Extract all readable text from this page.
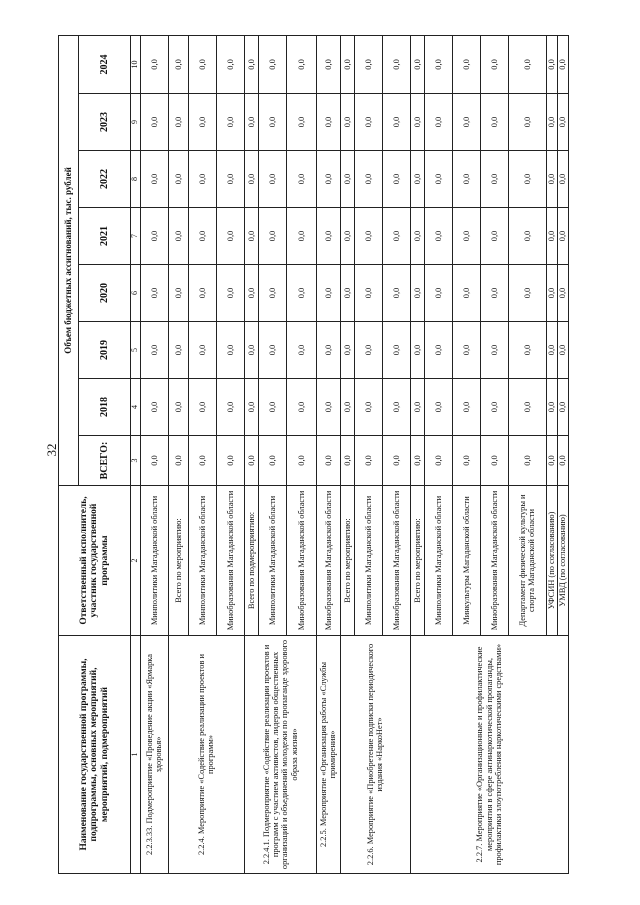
32
Наименование государственной программы, подпрограммы, основных мероприятий, мероприятий, подмероприятий	Ответственный исполнитель, участник государственной программы	Объем бюджетных ассигнований, тыс. рублей							
		ВСЕГО:	2018	2019	2020	2021	2022	2023	2024
1	2	3	4	5	6	7	8	9	10
2.2.3.33. Подмероприятие «Проведение акции «Ярмарка здоровья»	Минполитики Магаданской области	0,0	0,0	0,0	0,0	0,0	0,0	0,0	0,0
2.2.4. Мероприятие «Содействие реализации проектов и программ»	Всего по мероприятию:	0,0	0,0	0,0	0,0	0,0	0,0	0,0	0,0
	Минполитики Магаданской области	0,0	0,0	0,0	0,0	0,0	0,0	0,0	0,0
	Минобразования Магаданской области	0,0	0,0	0,0	0,0	0,0	0,0	0,0	0,0
2.2.4.1. Подмероприятие «Содействие реализации проектов и программ с участием активистов, лидеров общественных организаций и объединений молодежи по пропаганде здорового образа жизни»	Всего по подмероприятию:	0,0	0,0	0,0	0,0	0,0	0,0	0,0	0,0
	Минполитики Магаданской области	0,0	0,0	0,0	0,0	0,0	0,0	0,0	0,0
	Минобразования Магаданской области	0,0	0,0	0,0	0,0	0,0	0,0	0,0	0,0
2.2.5. Мероприятие «Организация работы «Службы примирения»	Минобразования Магаданской области	0,0	0,0	0,0	0,0	0,0	0,0	0,0	0,0
2.2.6. Мероприятие «Приобретение подписки периодического издания «НаркоНет»	Всего по мероприятию:	0,0	0,0	0,0	0,0	0,0	0,0	0,0	0,0
	Минполитики Магаданской области	0,0	0,0	0,0	0,0	0,0	0,0	0,0	0,0
	Минобразования Магаданской области	0,0	0,0	0,0	0,0	0,0	0,0	0,0	0,0
2.2.7. Мероприятие «Организационные и профилактические мероприятия в сфере антинаркотической пропаганды, профилактики злоупотребления наркотическими средствами»	Всего по мероприятию:	0,0	0,0	0,0	0,0	0,0	0,0	0,0	0,0
	Минполитики Магаданской области	0,0	0,0	0,0	0,0	0,0	0,0	0,0	0,0
	Минкультуры Магаданской области	0,0	0,0	0,0	0,0	0,0	0,0	0,0	0,0
	Минобразования Магаданской области	0,0	0,0	0,0	0,0	0,0	0,0	0,0	0,0
	Департамент физической культуры и спорта Магаданской области	0,0	0,0	0,0	0,0	0,0	0,0	0,0	0,0
	УФСИН (по согласованию)	0,0	0,0	0,0	0,0	0,0	0,0	0,0	0,0
	УМВД (по согласованию)	0,0	0,0	0,0	0,0	0,0	0,0	0,0	0,0
